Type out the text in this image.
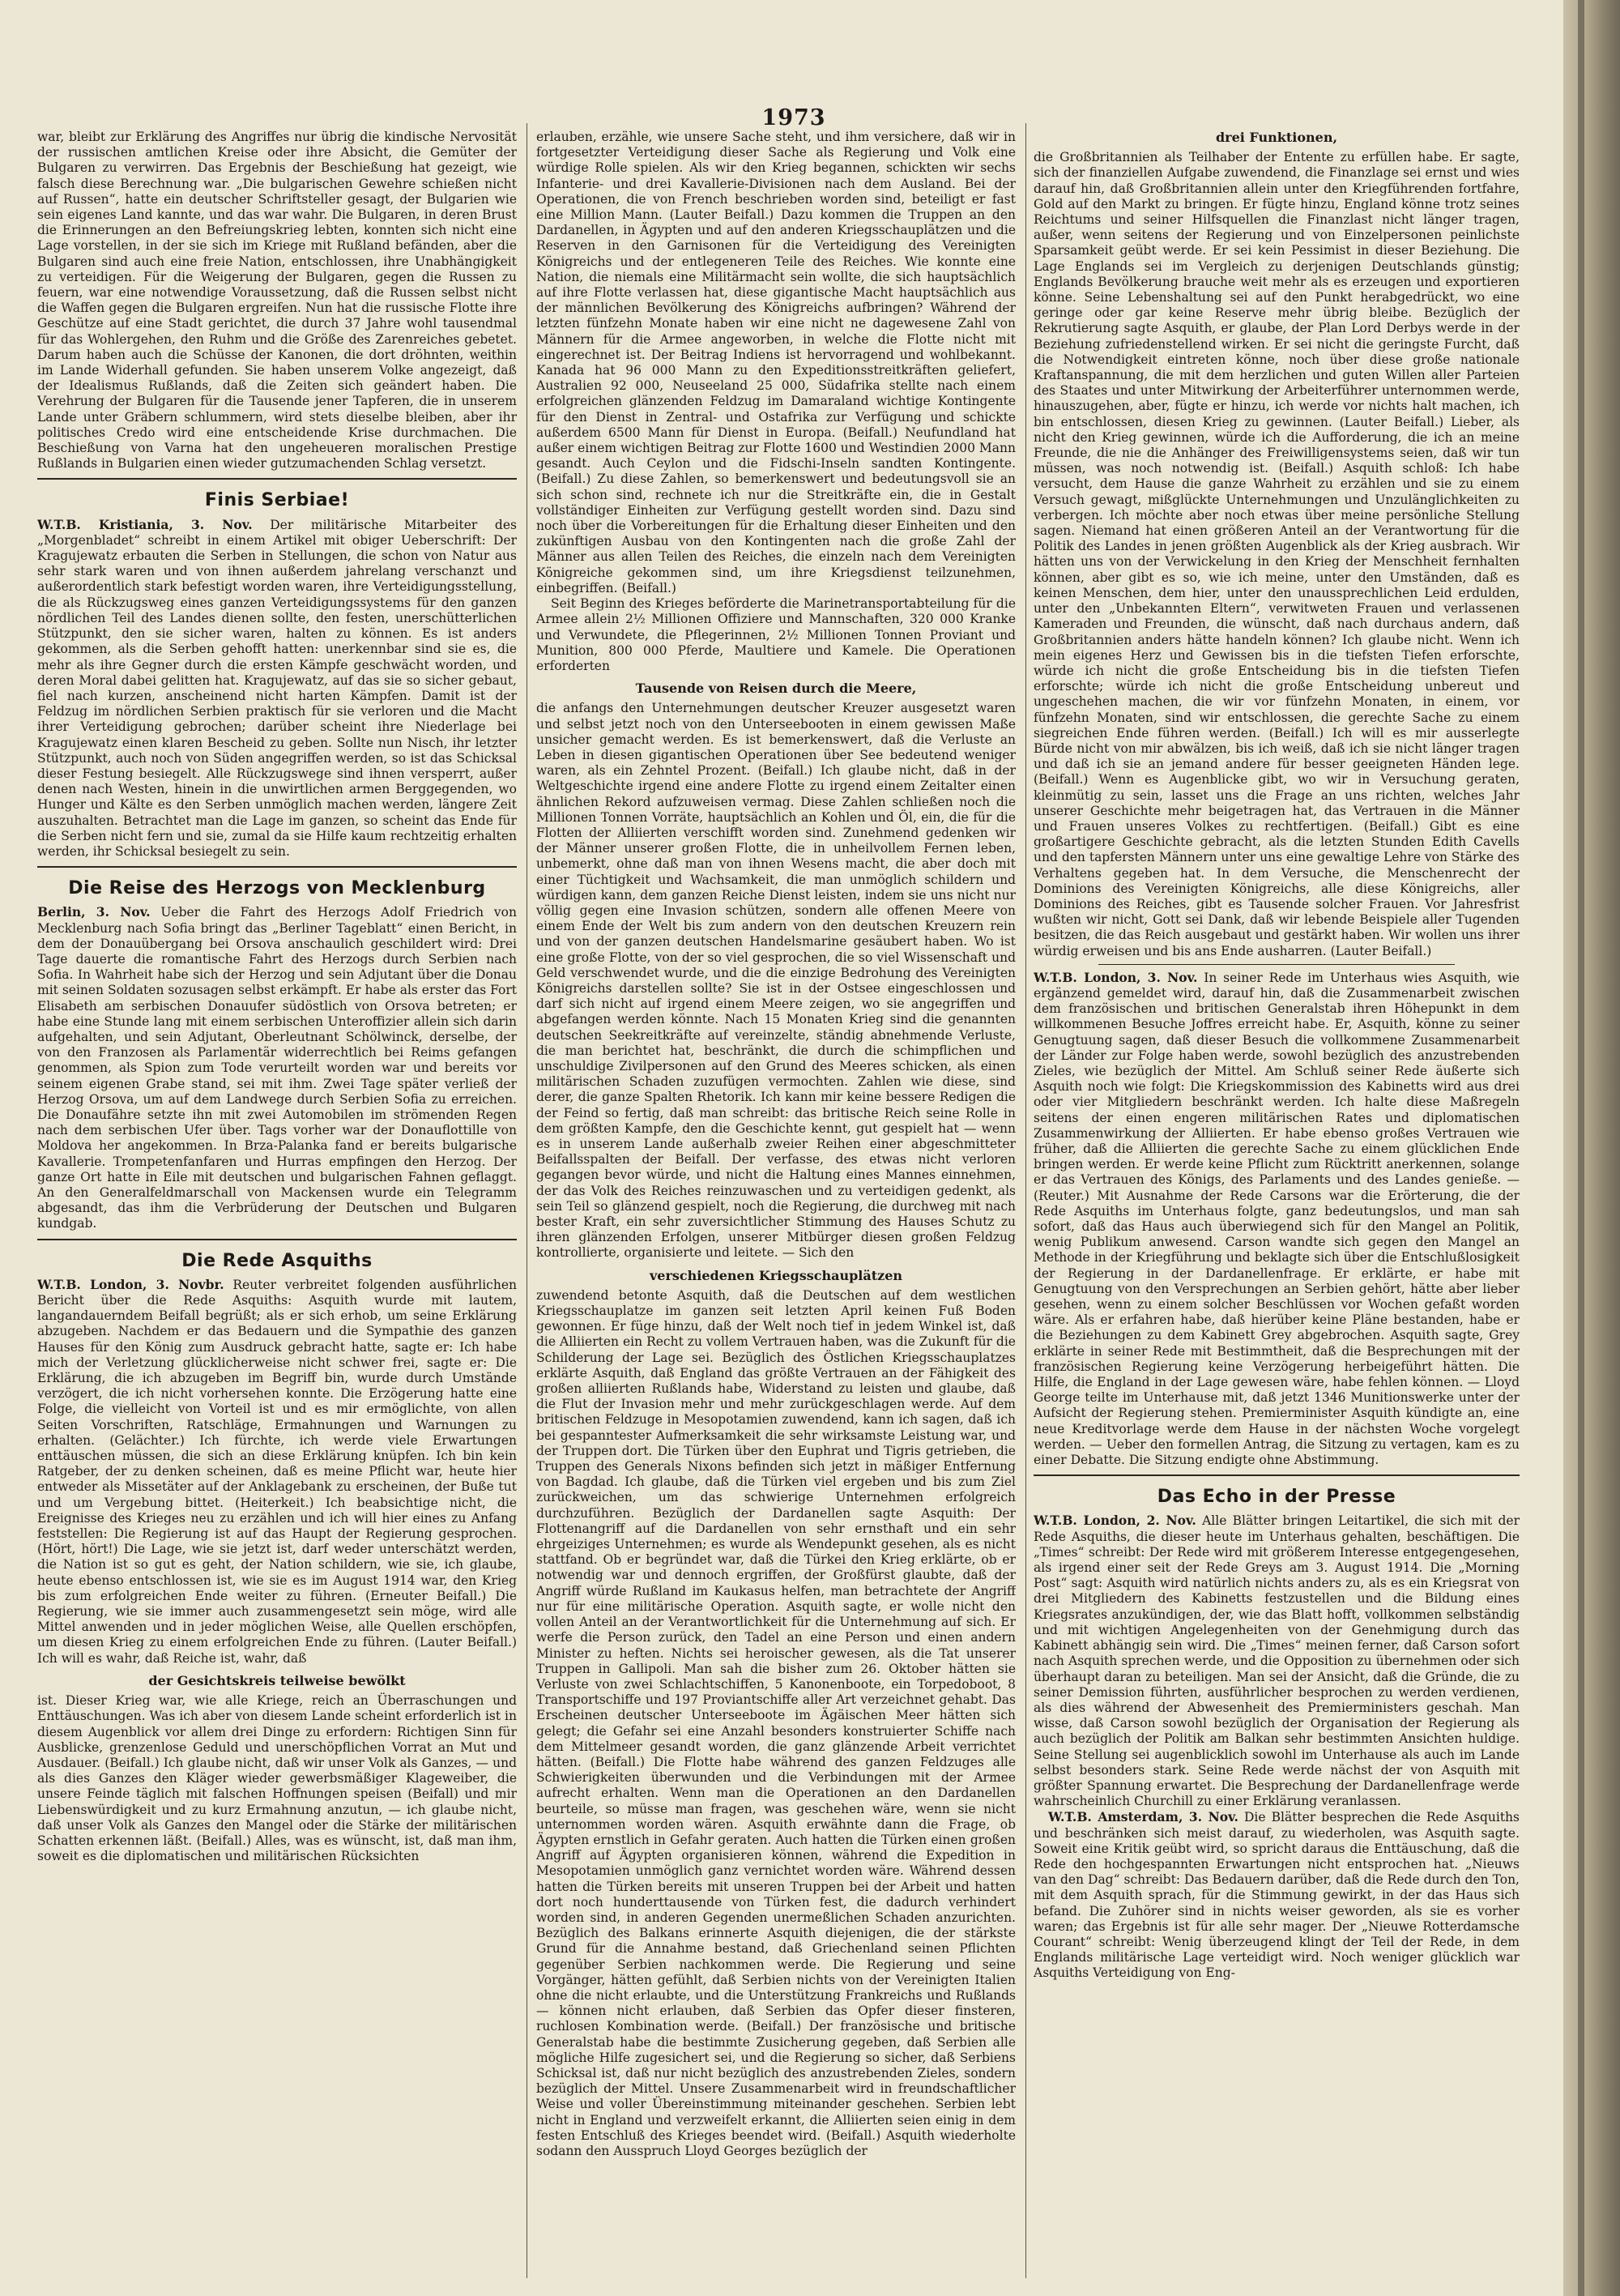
1973

war, bleibt zur Erklärung des Angriffes nur übrig die kindische Nervosität der russischen amtlichen Kreise oder ihre Absicht, die Gemüter der Bulgaren zu verwirren. Das Ergebnis der Beschießung hat gezeigt, wie falsch diese Berechnung war. „Die bulgarischen Gewehre schießen nicht auf Russen“, hatte ein deutscher Schriftsteller gesagt, der Bulgarien wie sein eigenes Land kannte, und das war wahr. Die Bulgaren, in deren Brust die Erinnerungen an den Befreiungskrieg lebten, konnten sich nicht eine Lage vorstellen, in der sie sich im Kriege mit Rußland befänden, aber die Bulgaren sind auch eine freie Nation, entschlossen, ihre Unabhängigkeit zu verteidigen. Für die Weigerung der Bulgaren, gegen die Russen zu feuern, war eine notwendige Voraussetzung, daß die Russen selbst nicht die Waffen gegen die Bulgaren ergreifen. Nun hat die russische Flotte ihre Geschütze auf eine Stadt gerichtet, die durch 37 Jahre wohl tausendmal für das Wohlergehen, den Ruhm und die Größe des Zarenreiches gebetet. Darum haben auch die Schüsse der Kanonen, die dort dröhnten, weithin im Lande Widerhall gefunden. Sie haben unserem Volke angezeigt, daß der Idealismus Rußlands, daß die Zeiten sich geändert haben. Die Verehrung der Bulgaren für die Tausende jener Tapferen, die in unserem Lande unter Gräbern schlummern, wird stets dieselbe bleiben, aber ihr politisches Credo wird eine entscheidende Krise durchmachen. Die Beschießung von Varna hat den ungeheueren moralischen Prestige Rußlands in Bulgarien einen wieder gutzumachenden Schlag versetzt.

Finis Serbiae!

W.T.B. Kristiania, 3. Nov. Der militärische Mitarbeiter des „Morgenbladet“ schreibt in einem Artikel mit obiger Ueberschrift: Der Kragujewatz erbauten die Serben in Stellungen, die schon von Natur aus sehr stark waren und von ihnen außerdem jahrelang verschanzt und außerordentlich stark befestigt worden waren, ihre Verteidigungsstellung, die als Rückzugsweg eines ganzen Verteidigungssystems für den ganzen nördlichen Teil des Landes dienen sollte, den festen, unerschütterlichen Stützpunkt, den sie sicher waren, halten zu können. Es ist anders gekommen, als die Serben gehofft hatten: unerkennbar sind sie es, die mehr als ihre Gegner durch die ersten Kämpfe geschwächt worden, und deren Moral dabei gelitten hat. Kragujewatz, auf das sie so sicher gebaut, fiel nach kurzen, anscheinend nicht harten Kämpfen. Damit ist der Feldzug im nördlichen Serbien praktisch für sie verloren und die Macht ihrer Verteidigung gebrochen; darüber scheint ihre Niederlage bei Kragujewatz einen klaren Bescheid zu geben. Sollte nun Nisch, ihr letzter Stützpunkt, auch noch von Süden angegriffen werden, so ist das Schicksal dieser Festung besiegelt. Alle Rückzugswege sind ihnen versperrt, außer denen nach Westen, hinein in die unwirtlichen armen Berggegenden, wo Hunger und Kälte es den Serben unmöglich machen werden, längere Zeit auszuhalten. Betrachtet man die Lage im ganzen, so scheint das Ende für die Serben nicht fern und sie, zumal da sie Hilfe kaum rechtzeitig erhalten werden, ihr Schicksal besiegelt zu sein.

Die Reise des Herzogs von Mecklenburg

Berlin, 3. Nov. Ueber die Fahrt des Herzogs Adolf Friedrich von Mecklenburg nach Sofia bringt das „Berliner Tageblatt“ einen Bericht, in dem der Donauübergang bei Orsova anschaulich geschildert wird: Drei Tage dauerte die romantische Fahrt des Herzogs durch Serbien nach Sofia. In Wahrheit habe sich der Herzog und sein Adjutant über die Donau mit seinen Soldaten sozusagen selbst erkämpft. Er habe als erster das Fort Elisabeth am serbischen Donauufer südöstlich von Orsova betreten; er habe eine Stunde lang mit einem serbischen Unteroffizier allein sich darin aufgehalten, und sein Adjutant, Oberleutnant Schölwinck, derselbe, der von den Franzosen als Parlamentär widerrechtlich bei Reims gefangen genommen, als Spion zum Tode verurteilt worden war und bereits vor seinem eigenen Grabe stand, sei mit ihm. Zwei Tage später verließ der Herzog Orsova, um auf dem Landwege durch Serbien Sofia zu erreichen. Die Donaufähre setzte ihn mit zwei Automobilen im strömenden Regen nach dem serbischen Ufer über. Tags vorher war der Donauflottille von Moldova her angekommen. In Brza-Palanka fand er bereits bulgarische Kavallerie. Trompetenfanfaren und Hurras empfingen den Herzog. Der ganze Ort hatte in Eile mit deutschen und bulgarischen Fahnen geflaggt. An den Generalfeldmarschall von Mackensen wurde ein Telegramm abgesandt, das ihm die Verbrüderung der Deutschen und Bulgaren kundgab.

Die Rede Asquiths

W.T.B. London, 3. Novbr. Reuter verbreitet folgenden ausführlichen Bericht über die Rede Asquiths: Asquith wurde mit lautem, langandauerndem Beifall begrüßt; als er sich erhob, um seine Erklärung abzugeben. Nachdem er das Bedauern und die Sympathie des ganzen Hauses für den König zum Ausdruck gebracht hatte, sagte er: Ich habe mich der Verletzung glücklicherweise nicht schwer frei, sagte er: Die Erklärung, die ich abzugeben im Begriff bin, wurde durch Umstände verzögert, die ich nicht vorhersehen konnte. Die Erzögerung hatte eine Folge, die vielleicht von Vorteil ist und es mir ermöglichte, von allen Seiten Vorschriften, Ratschläge, Ermahnungen und Warnungen zu erhalten. (Gelächter.) Ich fürchte, ich werde viele Erwartungen enttäuschen müssen, die sich an diese Erklärung knüpfen. Ich bin kein Ratgeber, der zu denken scheinen, daß es meine Pflicht war, heute hier entweder als Missetäter auf der Anklagebank zu erscheinen, der Buße tut und um Vergebung bittet. (Heiterkeit.) Ich beabsichtige nicht, die Ereignisse des Krieges neu zu erzählen und ich will hier eines zu Anfang feststellen: Die Regierung ist auf das Haupt der Regierung gesprochen. (Hört, hört!) Die Lage, wie sie jetzt ist, darf weder unterschätzt werden, die Nation ist so gut es geht, der Nation schildern, wie sie, ich glaube, heute ebenso entschlossen ist, wie sie es im August 1914 war, den Krieg bis zum erfolgreichen Ende weiter zu führen. (Erneuter Beifall.) Die Regierung, wie sie immer auch zusammengesetzt sein möge, wird alle Mittel anwenden und in jeder möglichen Weise, alle Quellen erschöpfen, um diesen Krieg zu einem erfolgreichen Ende zu führen. (Lauter Beifall.) Ich will es wahr, daß Reiche ist, wahr, daß

der Gesichtskreis teilweise bewölkt

ist. Dieser Krieg war, wie alle Kriege, reich an Überraschungen und Enttäuschungen. Was ich aber von diesem Lande scheint erforderlich ist in diesem Augenblick vor allem drei Dinge zu erfordern: Richtigen Sinn für Ausblicke, grenzenlose Geduld und unerschöpflichen Vorrat an Mut und Ausdauer. (Beifall.) Ich glaube nicht, daß wir unser Volk als Ganzes, — und als dies Ganzes den Kläger wieder gewerbsmäßiger Klageweiber, die unsere Feinde täglich mit falschen Hoffnungen speisen (Beifall) und mir Liebenswürdigkeit und zu kurz Ermahnung anzutun, — ich glaube nicht, daß unser Volk als Ganzes den Mangel oder die Stärke der militärischen Schatten erkennen läßt. (Beifall.) Alles, was es wünscht, ist, daß man ihm, soweit es die diplomatischen und militärischen Rücksichten

erlauben, erzähle, wie unsere Sache steht, und ihm versichere, daß wir in fortgesetzter Verteidigung dieser Sache als Regierung und Volk eine würdige Rolle spielen. Als wir den Krieg begannen, schickten wir sechs Infanterie- und drei Kavallerie-Divisionen nach dem Ausland. Bei der Operationen, die von French beschrieben worden sind, beteiligt er fast eine Million Mann. (Lauter Beifall.) Dazu kommen die Truppen an den Dardanellen, in Ägypten und auf den anderen Kriegsschauplätzen und die Reserven in den Garnisonen für die Verteidigung des Vereinigten Königreichs und der entlegeneren Teile des Reiches. Wie konnte eine Nation, die niemals eine Militärmacht sein wollte, die sich hauptsächlich auf ihre Flotte verlassen hat, diese gigantische Macht hauptsächlich aus der männlichen Bevölkerung des Königreichs aufbringen? Während der letzten fünfzehn Monate haben wir eine nicht ne dagewesene Zahl von Männern für die Armee angeworben, in welche die Flotte nicht mit eingerechnet ist. Der Beitrag Indiens ist hervorragend und wohlbekannt. Kanada hat 96 000 Mann zu den Expeditionsstreitkräften geliefert, Australien 92 000, Neuseeland 25 000, Südafrika stellte nach einem erfolgreichen glänzenden Feldzug im Damaraland wichtige Kontingente für den Dienst in Zentral- und Ostafrika zur Verfügung und schickte außerdem 6500 Mann für Dienst in Europa. (Beifall.) Neufundland hat außer einem wichtigen Beitrag zur Flotte 1600 und Westindien 2000 Mann gesandt. Auch Ceylon und die Fidschi-Inseln sandten Kontingente. (Beifall.) Zu diese Zahlen, so bemerkenswert und bedeutungsvoll sie an sich schon sind, rechnete ich nur die Streitkräfte ein, die in Gestalt vollständiger Einheiten zur Verfügung gestellt worden sind. Dazu sind noch über die Vorbereitungen für die Erhaltung dieser Einheiten und den zukünftigen Ausbau von den Kontingenten nach die große Zahl der Männer aus allen Teilen des Reiches, die einzeln nach dem Vereinigten Königreiche gekommen sind, um ihre Kriegsdienst teilzunehmen, einbegriffen. (Beifall.)

Seit Beginn des Krieges beförderte die Marinetransportabteilung für die Armee allein 2½ Millionen Offiziere und Mannschaften, 320 000 Kranke und Verwundete, die Pflegerinnen, 2½ Millionen Tonnen Proviant und Munition, 800 000 Pferde, Maultiere und Kamele. Die Operationen erforderten

Tausende von Reisen durch die Meere,

die anfangs den Unternehmungen deutscher Kreuzer ausgesetzt waren und selbst jetzt noch von den Unterseebooten in einem gewissen Maße unsicher gemacht werden. Es ist bemerkenswert, daß die Verluste an Leben in diesen gigantischen Operationen über See bedeutend weniger waren, als ein Zehntel Prozent. (Beifall.) Ich glaube nicht, daß in der Weltgeschichte irgend eine andere Flotte zu irgend einem Zeitalter einen ähnlichen Rekord aufzuweisen vermag. Diese Zahlen schließen noch die Millionen Tonnen Vorräte, hauptsächlich an Kohlen und Öl, ein, die für die Flotten der Alliierten verschifft worden sind. Zunehmend gedenken wir der Männer unserer großen Flotte, die in unheilvollem Fernen leben, unbemerkt, ohne daß man von ihnen Wesens macht, die aber doch mit einer Tüchtigkeit und Wachsamkeit, die man unmöglich schildern und würdigen kann, dem ganzen Reiche Dienst leisten, indem sie uns nicht nur völlig gegen eine Invasion schützen, sondern alle offenen Meere von einem Ende der Welt bis zum andern von den deutschen Kreuzern rein und von der ganzen deutschen Handelsmarine gesäubert haben. Wo ist eine große Flotte, von der so viel gesprochen, die so viel Wissenschaft und Geld verschwendet wurde, und die die einzige Bedrohung des Vereinigten Königreichs darstellen sollte? Sie ist in der Ostsee eingeschlossen und darf sich nicht auf irgend einem Meere zeigen, wo sie angegriffen und abgefangen werden könnte. Nach 15 Monaten Krieg sind die genannten deutschen Seekreitkräfte auf vereinzelte, ständig abnehmende Verluste, die man berichtet hat, beschränkt, die durch die schimpflichen und unschuldige Zivilpersonen auf den Grund des Meeres schicken, als einen militärischen Schaden zuzufügen vermochten. Zahlen wie diese, sind derer, die ganze Spalten Rhetorik. Ich kann mir keine bessere Redigen die der Feind so fertig, daß man schreibt: das britische Reich seine Rolle in dem größten Kampfe, den die Geschichte kennt, gut gespielt hat — wenn es in unserem Lande außerhalb zweier Reihen einer abgeschmitteter Beifallsspalten der Beifall. Der verfasse, des etwas nicht verloren gegangen bevor würde, und nicht die Haltung eines Mannes einnehmen, der das Volk des Reiches reinzuwaschen und zu verteidigen gedenkt, als sein Teil so glänzend gespielt, noch die Regierung, die durchweg mit nach bester Kraft, ein sehr zuversichtlicher Stimmung des Hauses Schutz zu ihren glänzenden Erfolgen, unserer Mitbürger diesen großen Feldzug kontrollierte, organisierte und leitete. — Sich den

verschiedenen Kriegsschauplätzen

zuwendend betonte Asquith, daß die Deutschen auf dem westlichen Kriegsschauplatze im ganzen seit letzten April keinen Fuß Boden gewonnen. Er füge hinzu, daß der Welt noch tief in jedem Winkel ist, daß die Alliierten ein Recht zu vollem Vertrauen haben, was die Zukunft für die Schilderung der Lage sei. Bezüglich des Östlichen Kriegsschauplatzes erklärte Asquith, daß England das größte Vertrauen an der Fähigkeit des großen alliierten Rußlands habe, Widerstand zu leisten und glaube, daß die Flut der Invasion mehr und mehr zurückgeschlagen werde. Auf dem britischen Feldzuge in Mesopotamien zuwendend, kann ich sagen, daß ich bei gespanntester Aufmerksamkeit die sehr wirksamste Leistung war, und der Truppen dort. Die Türken über den Euphrat und Tigris getrieben, die Truppen des Generals Nixons befinden sich jetzt in mäßiger Entfernung von Bagdad. Ich glaube, daß die Türken viel ergeben und bis zum Ziel zurückweichen, um das schwierige Unternehmen erfolgreich durchzuführen. Bezüglich der Dardanellen sagte Asquith: Der Flottenangriff auf die Dardanellen von sehr ernsthaft und ein sehr ehrgeiziges Unternehmen; es wurde als Wendepunkt gesehen, als es nicht stattfand. Ob er begründet war, daß die Türkei den Krieg erklärte, ob er notwendig war und dennoch ergriffen, der Großfürst glaubte, daß der Angriff würde Rußland im Kaukasus helfen, man betrachtete der Angriff nur für eine militärische Operation. Asquith sagte, er wolle nicht den vollen Anteil an der Verantwortlichkeit für die Unternehmung auf sich. Er werfe die Person zurück, den Tadel an eine Person und einen andern Minister zu heften. Nichts sei heroischer gewesen, als die Tat unserer Truppen in Gallipoli. Man sah die bisher zum 26. Oktober hätten sie Verluste von zwei Schlachtschiffen, 5 Kanonenboote, ein Torpedoboot, 8 Transportschiffe und 197 Proviantschiffe aller Art verzeichnet gehabt. Das Erscheinen deutscher Unterseeboote im Ägäischen Meer hätten sich gelegt; die Gefahr sei eine Anzahl besonders konstruierter Schiffe nach dem Mittelmeer gesandt worden, die ganz glänzende Arbeit verrichtet hätten. (Beifall.) Die Flotte habe während des ganzen Feldzuges alle Schwierigkeiten überwunden und die Verbindungen mit der Armee aufrecht erhalten. Wenn man die Operationen an den Dardanellen beurteile, so müsse man fragen, was geschehen wäre, wenn sie nicht unternommen worden wären. Asquith erwähnte dann die Frage, ob Ägypten ernstlich in Gefahr geraten. Auch hatten die Türken einen großen Angriff auf Ägypten organisieren können, während die Expedition in Mesopotamien unmöglich ganz vernichtet worden wäre. Während dessen hatten die Türken bereits mit unseren Truppen bei der Arbeit und hatten dort noch hunderttausende von Türken fest, die dadurch verhindert worden sind, in anderen Gegenden unermeßlichen Schaden anzurichten. Bezüglich des Balkans erinnerte Asquith diejenigen, die der stärkste Grund für die Annahme bestand, daß Griechenland seinen Pflichten gegenüber Serbien nachkommen werde. Die Regierung und seine Vorgänger, hätten gefühlt, daß Serbien nichts von der Vereinigten Italien ohne die nicht erlaubte, und die Unterstützung Frankreichs und Rußlands — können nicht erlauben, daß Serbien das Opfer dieser finsteren, ruchlosen Kombination werde. (Beifall.) Der französische und britische Generalstab habe die bestimmte Zusicherung gegeben, daß Serbien alle mögliche Hilfe zugesichert sei, und die Regierung so sicher, daß Serbiens Schicksal ist, daß nur nicht bezüglich des anzustrebenden Zieles, sondern bezüglich der Mittel. Unsere Zusammenarbeit wird in freundschaftlicher Weise und voller Übereinstimmung miteinander geschehen. Serbien lebt nicht in England und verzweifelt erkannt, die Alliierten seien einig in dem festen Entschluß des Krieges beendet wird. (Beifall.) Asquith wiederholte sodann den Ausspruch Lloyd Georges bezüglich der

drei Funktionen,

die Großbritannien als Teilhaber der Entente zu erfüllen habe. Er sagte, sich der finanziellen Aufgabe zuwendend, die Finanzlage sei ernst und wies darauf hin, daß Großbritannien allein unter den Kriegführenden fortfahre, Gold auf den Markt zu bringen. Er fügte hinzu, England könne trotz seines Reichtums und seiner Hilfsquellen die Finanzlast nicht länger tragen, außer, wenn seitens der Regierung und von Einzelpersonen peinlichste Sparsamkeit geübt werde. Er sei kein Pessimist in dieser Beziehung. Die Lage Englands sei im Vergleich zu derjenigen Deutschlands günstig; Englands Bevölkerung brauche weit mehr als es erzeugen und exportieren könne. Seine Lebenshaltung sei auf den Punkt herabgedrückt, wo eine geringe oder gar keine Reserve mehr übrig bleibe. Bezüglich der Rekrutierung sagte Asquith, er glaube, der Plan Lord Derbys werde in der Beziehung zufriedenstellend wirken. Er sei nicht die geringste Furcht, daß die Notwendigkeit eintreten könne, noch über diese große nationale Kraftanspannung, die mit dem herzlichen und guten Willen aller Parteien des Staates und unter Mitwirkung der Arbeiterführer unternommen werde, hinauszugehen, aber, fügte er hinzu, ich werde vor nichts halt machen, ich bin entschlossen, diesen Krieg zu gewinnen. (Lauter Beifall.) Lieber, als nicht den Krieg gewinnen, würde ich die Aufforderung, die ich an meine Freunde, die nie die Anhänger des Freiwilligensystems seien, daß wir tun müssen, was noch notwendig ist. (Beifall.) Asquith schloß: Ich habe versucht, dem Hause die ganze Wahrheit zu erzählen und sie zu einem Versuch gewagt, mißglückte Unternehmungen und Unzulänglichkeiten zu verbergen. Ich möchte aber noch etwas über meine persönliche Stellung sagen. Niemand hat einen größeren Anteil an der Verantwortung für die Politik des Landes in jenen größten Augenblick als der Krieg ausbrach. Wir hätten uns von der Verwickelung in den Krieg der Menschheit fernhalten können, aber gibt es so, wie ich meine, unter den Umständen, daß es keinen Menschen, dem hier, unter den unaussprechlichen Leid erdulden, unter den „Unbekannten Eltern“, verwitweten Frauen und verlassenen Kameraden und Freunden, die wünscht, daß nach durchaus andern, daß Großbritannien anders hätte handeln können? Ich glaube nicht. Wenn ich mein eigenes Herz und Gewissen bis in die tiefsten Tiefen erforschte, würde ich nicht die große Entscheidung bis in die tiefsten Tiefen erforschte; würde ich nicht die große Entscheidung unbereut und ungeschehen machen, die wir vor fünfzehn Monaten, in einem, vor fünfzehn Monaten, sind wir entschlossen, die gerechte Sache zu einem siegreichen Ende führen werden. (Beifall.) Ich will es mir ausserlegte Bürde nicht von mir abwälzen, bis ich weiß, daß ich sie nicht länger tragen und daß ich sie an jemand andere für besser geeigneten Händen lege. (Beifall.) Wenn es Augenblicke gibt, wo wir in Versuchung geraten, kleinmütig zu sein, lasset uns die Frage an uns richten, welches Jahr unserer Geschichte mehr beigetragen hat, das Vertrauen in die Männer und Frauen unseres Volkes zu rechtfertigen. (Beifall.) Gibt es eine großartigere Geschichte gebracht, als die letzten Stunden Edith Cavells und den tapfersten Männern unter uns eine gewaltige Lehre von Stärke des Verhaltens gegeben hat. In dem Versuche, die Menschenrecht der Dominions des Vereinigten Königreichs, alle diese Königreichs, aller Dominions des Reiches, gibt es Tausende solcher Frauen. Vor Jahresfrist wußten wir nicht, Gott sei Dank, daß wir lebende Beispiele aller Tugenden besitzen, die das Reich ausgebaut und gestärkt haben. Wir wollen uns ihrer würdig erweisen und bis ans Ende ausharren. (Lauter Beifall.)

W.T.B. London, 3. Nov. In seiner Rede im Unterhaus wies Asquith, wie ergänzend gemeldet wird, darauf hin, daß die Zusammenarbeit zwischen dem französischen und britischen Generalstab ihren Höhepunkt in dem willkommenen Besuche Joffres erreicht habe. Er, Asquith, könne zu seiner Genugtuung sagen, daß dieser Besuch die vollkommene Zusammenarbeit der Länder zur Folge haben werde, sowohl bezüglich des anzustrebenden Zieles, wie bezüglich der Mittel. Am Schluß seiner Rede äußerte sich Asquith noch wie folgt: Die Kriegskommission des Kabinetts wird aus drei oder vier Mitgliedern beschränkt werden. Ich halte diese Maßregeln seitens der einen engeren militärischen Rates und diplomatischen Zusammenwirkung der Alliierten. Er habe ebenso großes Vertrauen wie früher, daß die Alliierten die gerechte Sache zu einem glücklichen Ende bringen werden. Er werde keine Pflicht zum Rücktritt anerkennen, solange er das Vertrauen des Königs, des Parlaments und des Landes genieße. — (Reuter.) Mit Ausnahme der Rede Carsons war die Erörterung, die der Rede Asquiths im Unterhaus folgte, ganz bedeutungslos, und man sah sofort, daß das Haus auch überwiegend sich für den Mangel an Politik, wenig Publikum anwesend. Carson wandte sich gegen den Mangel an Methode in der Kriegführung und beklagte sich über die Entschlußlosigkeit der Regierung in der Dardanellenfrage. Er erklärte, er habe mit Genugtuung von den Versprechungen an Serbien gehört, hätte aber lieber gesehen, wenn zu einem solcher Beschlüssen vor Wochen gefaßt worden wäre. Als er erfahren habe, daß hierüber keine Pläne bestanden, habe er die Beziehungen zu dem Kabinett Grey abgebrochen. Asquith sagte, Grey erklärte in seiner Rede mit Bestimmtheit, daß die Besprechungen mit der französischen Regierung keine Verzögerung herbeigeführt hätten. Die Hilfe, die England in der Lage gewesen wäre, habe fehlen können. — Lloyd George teilte im Unterhause mit, daß jetzt 1346 Munitionswerke unter der Aufsicht der Regierung stehen. Premierminister Asquith kündigte an, eine neue Kreditvorlage werde dem Hause in der nächsten Woche vorgelegt werden. — Ueber den formellen Antrag, die Sitzung zu vertagen, kam es zu einer Debatte. Die Sitzung endigte ohne Abstimmung.

Das Echo in der Presse

W.T.B. London, 2. Nov. Alle Blätter bringen Leitartikel, die sich mit der Rede Asquiths, die dieser heute im Unterhaus gehalten, beschäftigen. Die „Times“ schreibt: Der Rede wird mit größerem Interesse entgegengesehen, als irgend einer seit der Rede Greys am 3. August 1914. Die „Morning Post“ sagt: Asquith wird natürlich nichts anders zu, als es ein Kriegsrat von drei Mitgliedern des Kabinetts festzustellen und die Bildung eines Kriegsrates anzukündigen, der, wie das Blatt hofft, vollkommen selbständig und mit wichtigen Angelegenheiten von der Genehmigung durch das Kabinett abhängig sein wird. Die „Times“ meinen ferner, daß Carson sofort nach Asquith sprechen werde, und die Opposition zu übernehmen oder sich überhaupt daran zu beteiligen. Man sei der Ansicht, daß die Gründe, die zu seiner Demission führten, ausführlicher besprochen zu werden verdienen, als dies während der Abwesenheit des Premierministers geschah. Man wisse, daß Carson sowohl bezüglich der Organisation der Regierung als auch bezüglich der Politik am Balkan sehr bestimmten Ansichten huldige. Seine Stellung sei augenblicklich sowohl im Unterhause als auch im Lande selbst besonders stark. Seine Rede werde nächst der von Asquith mit größter Spannung erwartet. Die Besprechung der Dardanellenfrage werde wahrscheinlich Churchill zu einer Erklärung veranlassen.

W.T.B. Amsterdam, 3. Nov. Die Blätter besprechen die Rede Asquiths und beschränken sich meist darauf, zu wiederholen, was Asquith sagte. Soweit eine Kritik geübt wird, so spricht daraus die Enttäuschung, daß die Rede den hochgespannten Erwartungen nicht entsprochen hat. „Nieuws van den Dag“ schreibt: Das Bedauern darüber, daß die Rede durch den Ton, mit dem Asquith sprach, für die Stimmung gewirkt, in der das Haus sich befand. Die Zuhörer sind in nichts weiser geworden, als sie es vorher waren; das Ergebnis ist für alle sehr mager. Der „Nieuwe Rotterdamsche Courant“ schreibt: Wenig überzeugend klingt der Teil der Rede, in dem Englands militärische Lage verteidigt wird. Noch weniger glücklich war Asquiths Verteidigung von Eng-
